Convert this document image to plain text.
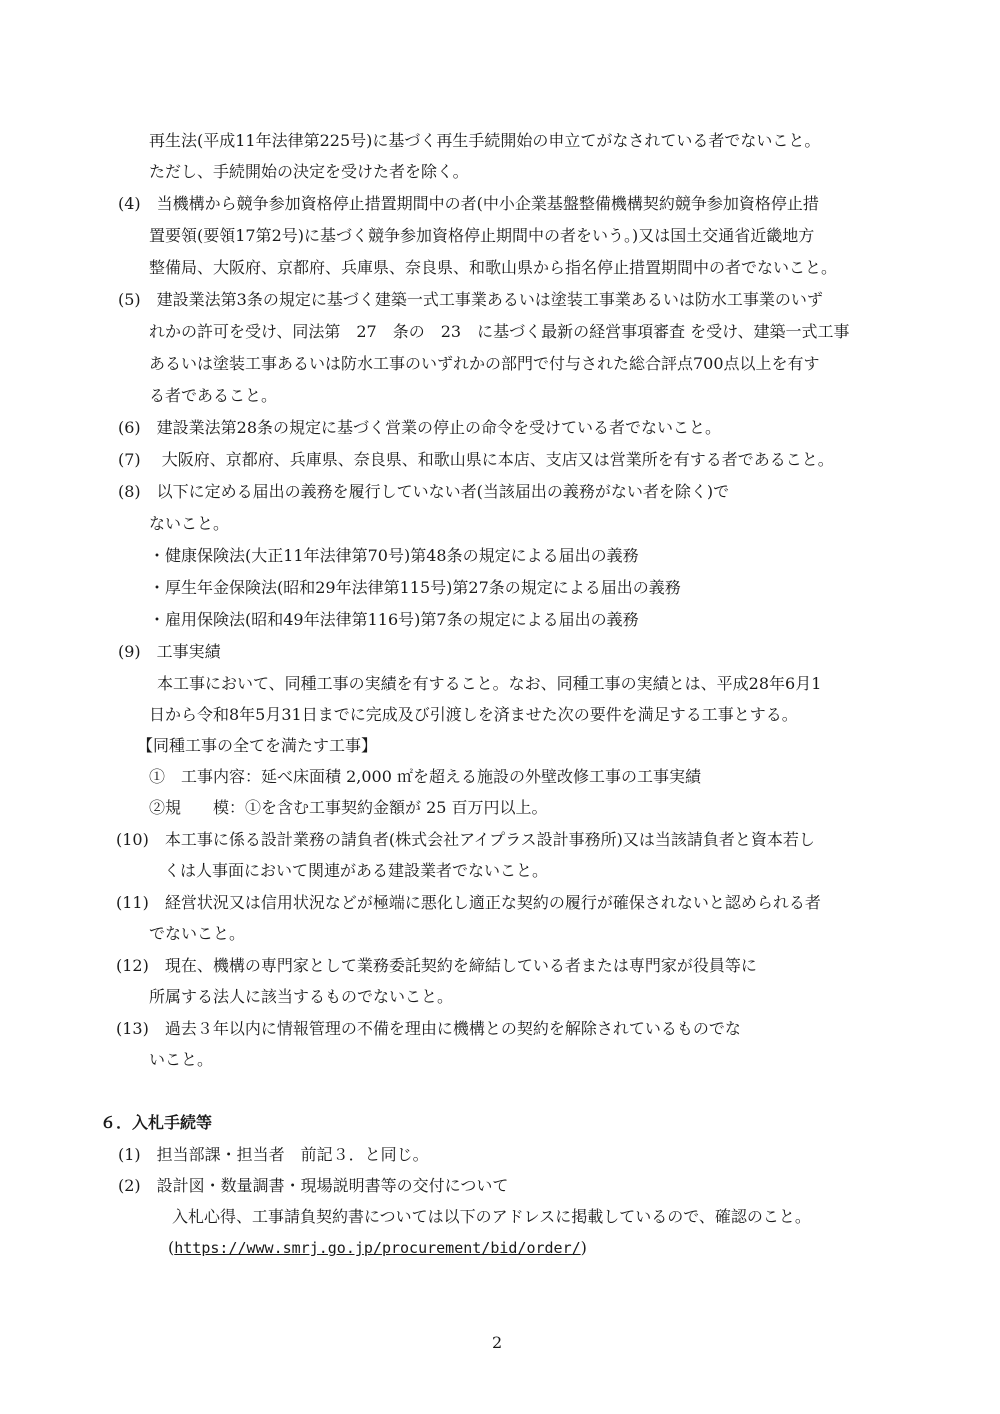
再生法(平成11年法律第225号)に基づく再生手続開始の申立てがなされている者でないこと。
ただし、手続開始の決定を受けた者を除く。
(4)　当機構から競争参加資格停止措置期間中の者(中小企業基盤整備機構契約競争参加資格停止措
置要領(要領17第2号)に基づく競争参加資格停止期間中の者をいう。)又は国土交通省近畿地方
整備局、大阪府、京都府、兵庫県、奈良県、和歌山県から指名停止措置期間中の者でないこと。
(5)　建設業法第3条の規定に基づく建築一式工事業あるいは塗装工事業あるいは防水工事業のいず
れかの許可を受け、同法第　27　条の　23　に基づく最新の経営事項審査 を受け、建築一式工事
あるいは塗装工事あるいは防水工事のいずれかの部門で付与された総合評点700点以上を有す
る者であること。
(6)　建設業法第28条の規定に基づく営業の停止の命令を受けている者でないこと。
(7)　 大阪府、京都府、兵庫県、奈良県、和歌山県に本店、支店又は営業所を有する者であること。
(8)　以下に定める届出の義務を履行していない者(当該届出の義務がない者を除く)で
ないこと。
・健康保険法(大正11年法律第70号)第48条の規定による届出の義務
・厚生年金保険法(昭和29年法律第115号)第27条の規定による届出の義務
・雇用保険法(昭和49年法律第116号)第7条の規定による届出の義務
(9)　工事実績
本工事において、同種工事の実績を有すること。なお、同種工事の実績とは、平成28年6月1
日から令和8年5月31日までに完成及び引渡しを済ませた次の要件を満足する工事とする。
【同種工事の全てを満たす工事】
①　工事内容：延べ床面積 2,000 ㎡を超える施設の外壁改修工事の工事実績
②規　　模：①を含む工事契約金額が 25 百万円以上。
(10)　本工事に係る設計業務の請負者(株式会社アイプラス設計事務所)又は当該請負者と資本若し
くは人事面において関連がある建設業者でないこと。
(11)　経営状況又は信用状況などが極端に悪化し適正な契約の履行が確保されないと認められる者
でないこと。
(12)　現在、機構の専門家として業務委託契約を締結している者または専門家が役員等に
所属する法人に該当するものでないこと。
(13)　過去３年以内に情報管理の不備を理由に機構との契約を解除されているものでな
いこと。
６．入札手続等
(1)　担当部課・担当者　前記３．と同じ。
(2)　設計図・数量調書・現場説明書等の交付について
入札心得、工事請負契約書については以下のアドレスに掲載しているので、確認のこと。
(https://www.smrj.go.jp/procurement/bid/order/)
2
